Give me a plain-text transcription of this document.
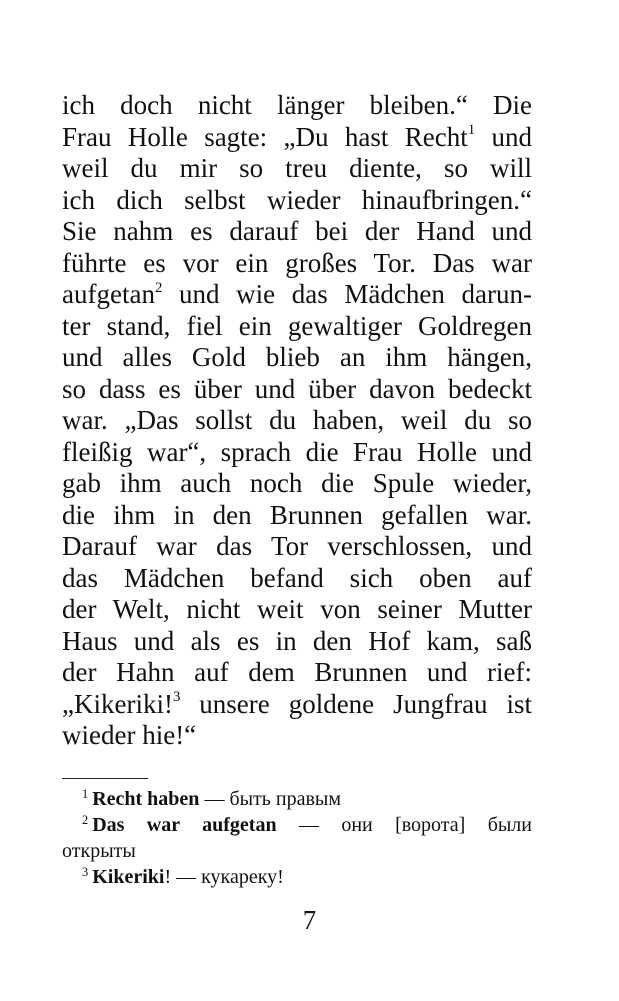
ich doch nicht länger bleiben.“ Die
Frau Holle sagte: „Du hast Recht$^1$ und
weil du mir so treu diente, so will
ich dich selbst wieder hinaufbringen.“
Sie nahm es darauf bei der Hand und
führte es vor ein großes Tor. Das war
aufgetan$^2$ und wie das Mädchen darun-
ter stand, fiel ein gewaltiger Goldregen
und alles Gold blieb an ihm hängen,
so dass es über und über davon bedeckt
war. „Das sollst du haben, weil du so
fleißig war“, sprach die Frau Holle und
gab ihm auch noch die Spule wieder,
die ihm in den Brunnen gefallen war.
Darauf war das Tor verschlossen, und
das Mädchen befand sich oben auf
der Welt, nicht weit von seiner Mutter
Haus und als es in den Hof kam, saß
der Hahn auf dem Brunnen und rief:
„Kikeriki!$^3$ unsere goldene Jungfrau ist
wieder hie!“
$^1$ Recht haben — быть правым
$^2$ Das war aufgetan — они [ворота] были
открыты
$^3$ Kikeriki! — кукареку!
7
